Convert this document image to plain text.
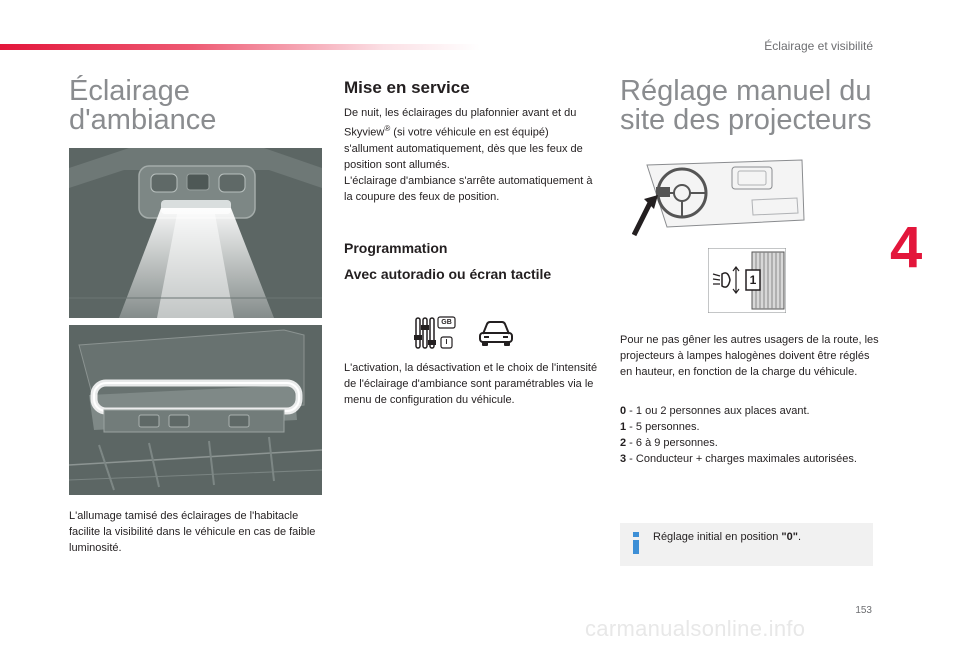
Éclairage et visibilité
4
Éclairage
d'ambiance

L'allumage tamisé des éclairages de l'habitacle facilite la visibilité dans le véhicule en cas de faible luminosité.

Mise en service

De nuit, les éclairages du plafonnier avant et du Skyview® (si votre véhicule en est équipé) s'allument automatiquement, dès que les feux de position sont allumés.
L'éclairage d'ambiance s'arrête automatiquement à la coupure des feux de position.

Programmation
Avec autoradio ou écran tactile
GB
I

L'activation, la désactivation et le choix de l'intensité de l'éclairage d'ambiance sont paramétrables via le menu de configuration du véhicule.

Réglage manuel du
site des projecteurs
1

Pour ne pas gêner les autres usagers de la route, les projecteurs à lampes halogènes doivent être réglés en hauteur, en fonction de la charge du véhicule.

0 - 1 ou 2 personnes aux places avant.
1 - 5 personnes.
2 - 6 à 9 personnes.
3 - Conducteur + charges maximales autorisées.
Réglage initial en position "0".
153
carmanualsonline.info
